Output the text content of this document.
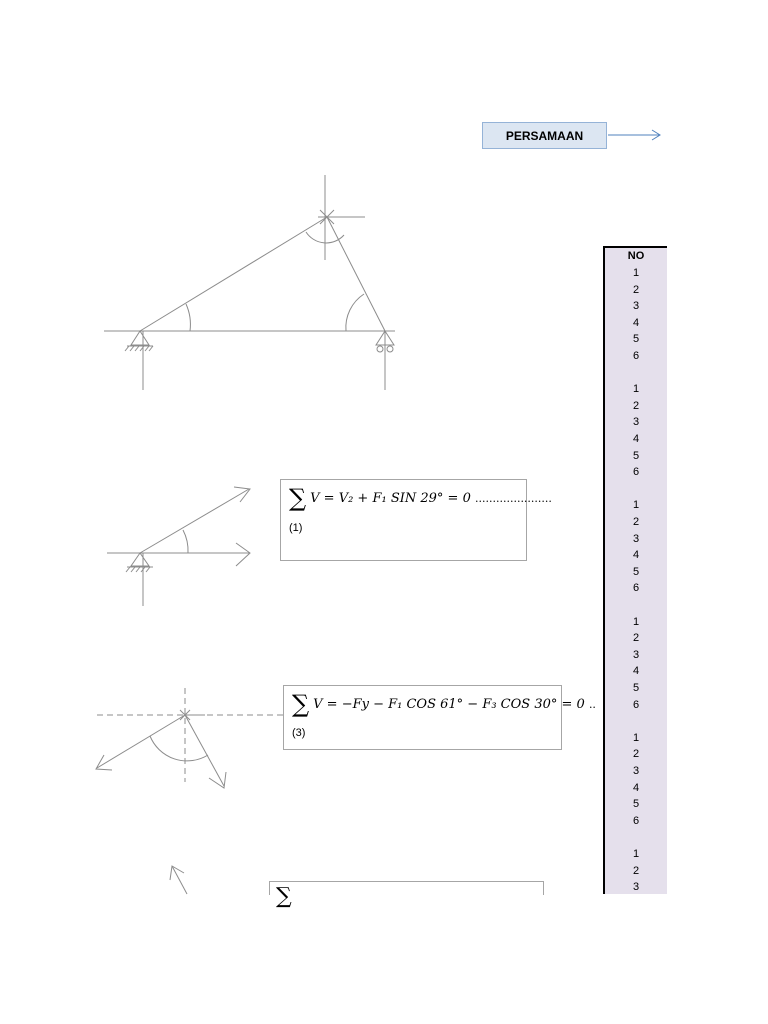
PERSAMAAN
∑ V
= V₂ + F₁ SIN 29° = 0
......................
(1)
∑ V
= −Fy − F₁ COS 61° − F₃ COS 30° = 0
..
(3)
∑
NO
1
2
3
4
5
6
1
2
3
4
5
6
1
2
3
4
5
6
1
2
3
4
5
6
1
2
3
4
5
6
1
2
3
